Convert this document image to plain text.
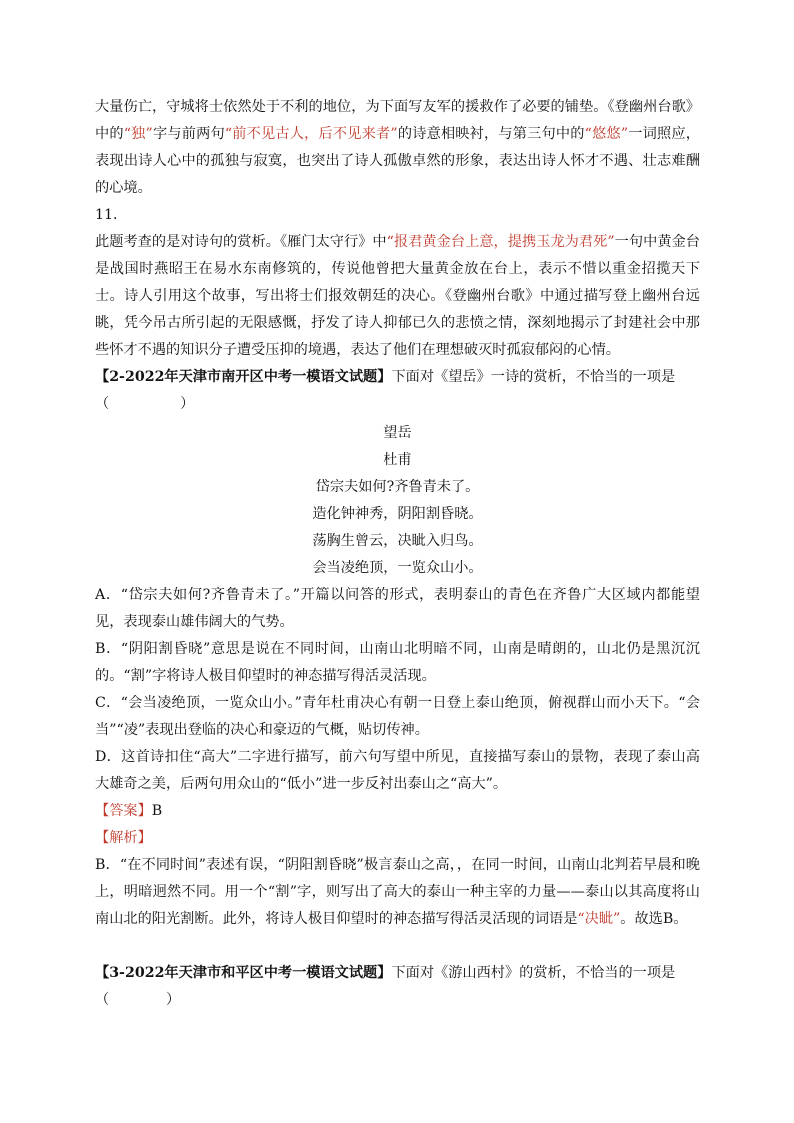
大量伤亡，守城将士依然处于不利的地位，为下面写友军的援救作了必要的铺垫。《登幽州台歌》中的“独”字与前两句“前不见古人，后不见来者”的诗意相映衬，与第三句中的“悠悠”一词照应，表现出诗人心中的孤独与寂寞，也突出了诗人孤傲卓然的形象，表达出诗人怀才不遇、壮志难酬的心境。

11．

此题考查的是对诗句的赏析。《雁门太守行》中“报君黄金台上意，提携玉龙为君死”一句中黄金台是战国时燕昭王在易水东南修筑的，传说他曾把大量黄金放在台上，表示不惜以重金招揽天下士。诗人引用这个故事，写出将士们报效朝廷的决心。《登幽州台歌》中通过描写登上幽州台远眺，凭今吊古所引起的无限感慨，抒发了诗人抑郁已久的悲愤之情，深刻地揭示了封建社会中那些怀才不遇的知识分子遭受压抑的境遇，表达了他们在理想破灭时孤寂郁闷的心情。

【2-2022年天津市南开区中考一模语文试题】下面对《望岳》一诗的赏析，不恰当的一项是

（　　　　　）

望岳

杜甫

岱宗夫如何?齐鲁青未了。

造化钟神秀，阴阳割昏晓。

荡胸生曾云，决眦入归鸟。

会当凌绝顶，一览众山小。

A．“岱宗夫如何?齐鲁青未了。”开篇以问答的形式，表明泰山的青色在齐鲁广大区域内都能望见，表现泰山雄伟阔大的气势。

B．“阴阳割昏晓”意思是说在不同时间，山南山北明暗不同，山南是晴朗的，山北仍是黑沉沉的。“割”字将诗人极目仰望时的神态描写得活灵活现。

C．“会当凌绝顶，一览众山小。”青年杜甫决心有朝一日登上泰山绝顶，俯视群山而小天下。“会当”“凌”表现出登临的决心和豪迈的气概，贴切传神。

D．这首诗扣住“高大”二字进行描写，前六句写望中所见，直接描写泰山的景物，表现了泰山高大雄奇之美，后两句用众山的“低小”进一步反衬出泰山之“高大”。

【答案】B

【解析】

B．“在不同时间”表述有误，“阴阳割昏晓”极言泰山之高，，在同一时间，山南山北判若早晨和晚上，明暗迥然不同。用一个“割”字，则写出了高大的泰山一种主宰的力量——泰山以其高度将山南山北的阳光割断。此外，将诗人极目仰望时的神态描写得活灵活现的词语是“决眦”。故选B。

【3-2022年天津市和平区中考一模语文试题】下面对《游山西村》的赏析，不恰当的一项是

（　　　　）
